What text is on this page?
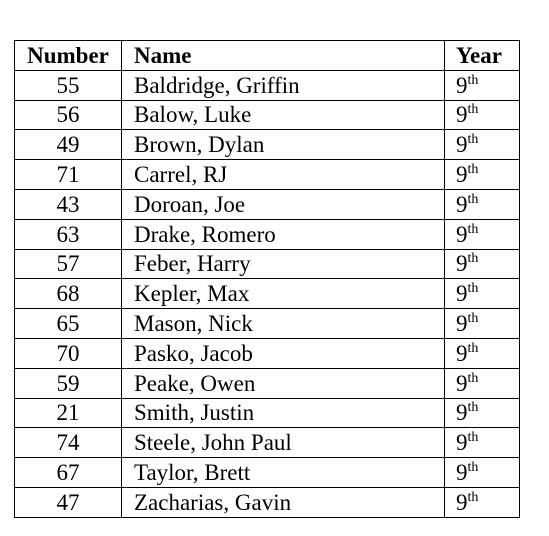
Number	Name	Year
55	Baldridge, Griffin	9th
56	Balow, Luke	9th
49	Brown, Dylan	9th
71	Carrel, RJ	9th
43	Doroan, Joe	9th
63	Drake, Romero	9th
57	Feber, Harry	9th
68	Kepler, Max	9th
65	Mason, Nick	9th
70	Pasko, Jacob	9th
59	Peake, Owen	9th
21	Smith, Justin	9th
74	Steele, John Paul	9th
67	Taylor, Brett	9th
47	Zacharias, Gavin	9th
